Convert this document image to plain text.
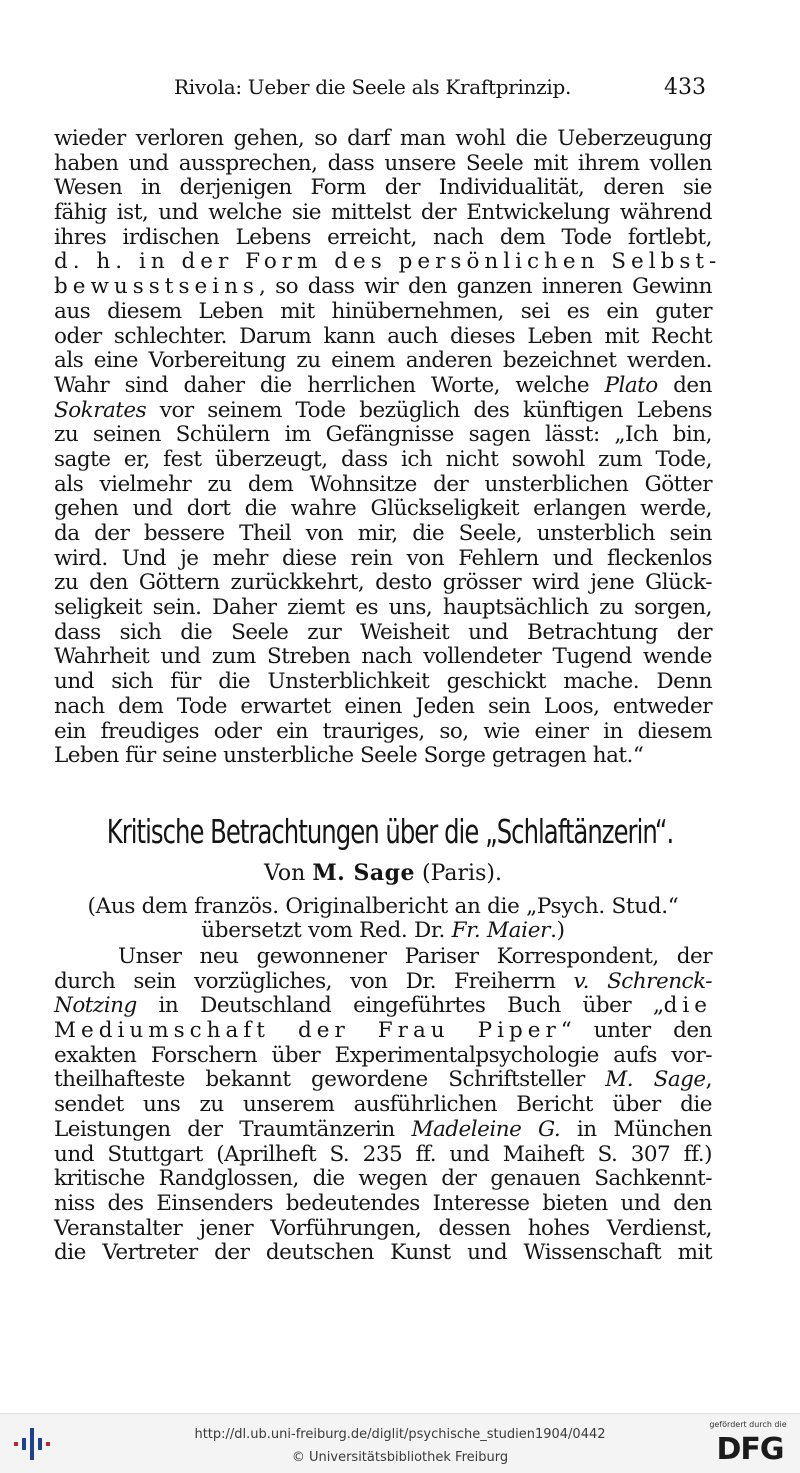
Rivola: Ueber die Seele als Kraftprinzip.	433
wieder verloren gehen, so darf man wohl die Ueberzeugung
haben und aussprechen, dass unsere Seele mit ihrem vollen
Wesen in derjenigen Form der Individualität, deren sie
fähig ist, und welche sie mittelst der Entwickelung während
ihres irdischen Lebens erreicht, nach dem Tode fortlebt,
d. h. in der Form des persönlichen Selbst-
bewusstseins, so dass wir den ganzen inneren Gewinn
aus diesem Leben mit hinübernehmen, sei es ein guter
oder schlechter. Darum kann auch dieses Leben mit Recht
als eine Vorbereitung zu einem anderen bezeichnet werden.
Wahr sind daher die herrlichen Worte, welche Plato den
Sokrates vor seinem Tode bezüglich des künftigen Lebens
zu seinen Schülern im Gefängnisse sagen lässt: „Ich bin,
sagte er, fest überzeugt, dass ich nicht sowohl zum Tode,
als vielmehr zu dem Wohnsitze der unsterblichen Götter
gehen und dort die wahre Glückseligkeit erlangen werde,
da der bessere Theil von mir, die Seele, unsterblich sein
wird. Und je mehr diese rein von Fehlern und fleckenlos
zu den Göttern zurückkehrt, desto grösser wird jene Glück-
seligkeit sein. Daher ziemt es uns, hauptsächlich zu sorgen,
dass sich die Seele zur Weisheit und Betrachtung der
Wahrheit und zum Streben nach vollendeter Tugend wende
und sich für die Unsterblichkeit geschickt mache. Denn
nach dem Tode erwartet einen Jeden sein Loos, entweder
ein freudiges oder ein trauriges, so, wie einer in diesem
Leben für seine unsterbliche Seele Sorge getragen hat.“
Kritische Betrachtungen über die „Schlaftänzerin“.
Von M. Sage (Paris).
(Aus dem französ. Originalbericht an die „Psych. Stud.“
übersetzt vom Red. Dr. Fr. Maier.)
Unser neu gewonnener Pariser Korrespondent, der
durch sein vorzügliches, von Dr. Freiherrn v. Schrenck-
Notzing in Deutschland eingeführtes Buch über „die
Mediumschaft der Frau Piper“ unter den
exakten Forschern über Experimentalpsychologie aufs vor-
theilhafteste bekannt gewordene Schriftsteller M. Sage,
sendet uns zu unserem ausführlichen Bericht über die
Leistungen der Traumtänzerin Madeleine G. in München
und Stuttgart (Aprilheft S. 235 ff. und Maiheft S. 307 ff.)
kritische Randglossen, die wegen der genauen Sachkennt-
niss des Einsenders bedeutendes Interesse bieten und den
Veranstalter jener Vorführungen, dessen hohes Verdienst,
die Vertreter der deutschen Kunst und Wissenschaft mit
http://dl.ub.uni-freiburg.de/diglit/psychische_studien1904/0442
© Universitätsbibliothek Freiburg
gefördert durch die
DFG
